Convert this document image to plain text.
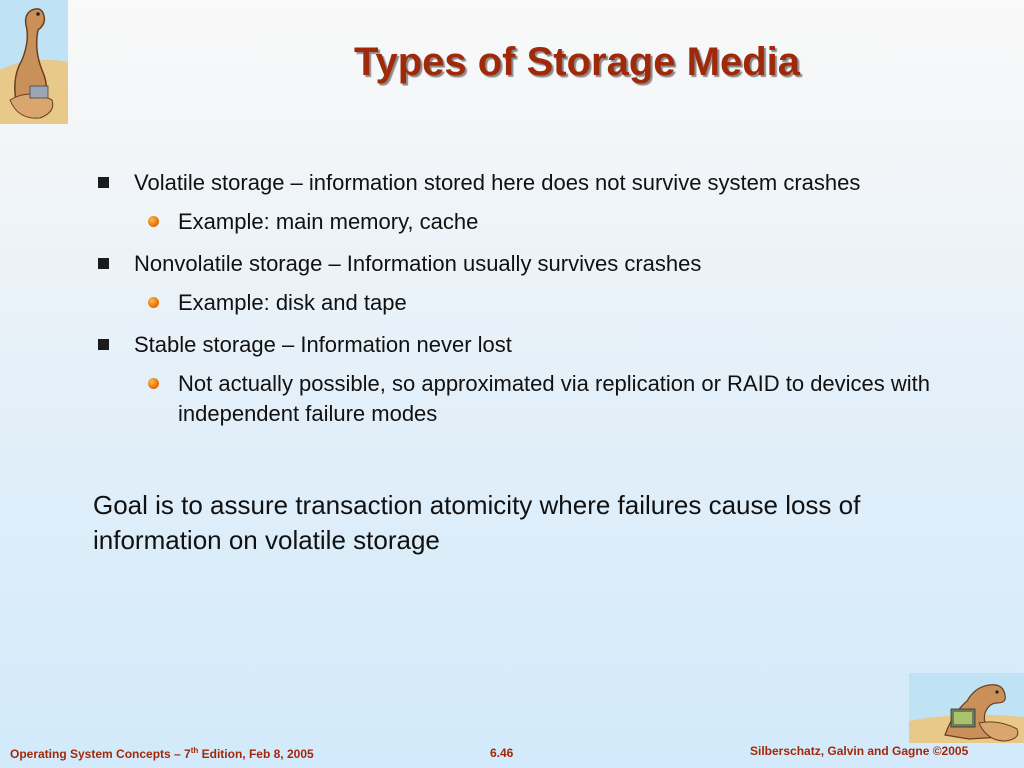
Types of Storage Media
Volatile storage – information stored here does not survive system crashes
Example: main memory, cache
Nonvolatile storage – Information usually survives crashes
Example: disk and tape
Stable storage – Information never lost
Not actually possible, so approximated via replication or RAID to devices with independent failure modes
Goal is to assure transaction atomicity where failures cause loss of information on volatile storage
Operating System Concepts – 7th Edition, Feb 8, 2005	6.46	Silberschatz, Galvin and Gagne ©2005
